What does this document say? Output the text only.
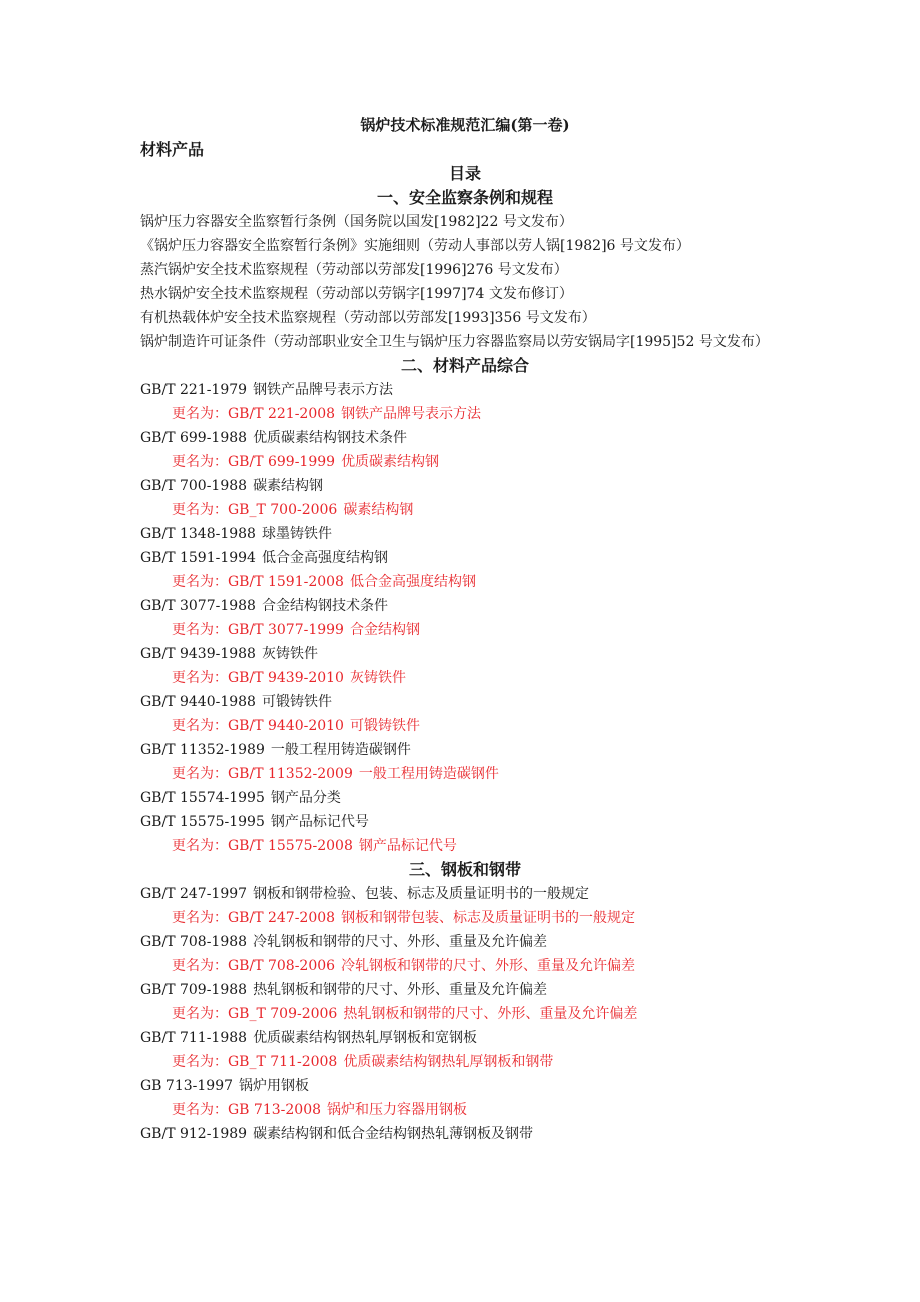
锅炉技术标准规范汇编(第一卷)
材料产品
目录
一、安全监察条例和规程
锅炉压力容器安全监察暂行条例（国务院以国发[1982]22 号文发布）
《锅炉压力容器安全监察暂行条例》实施细则（劳动人事部以劳人锅[1982]6 号文发布）
蒸汽锅炉安全技术监察规程（劳动部以劳部发[1996]276 号文发布）
热水锅炉安全技术监察规程（劳动部以劳锅字[1997]74 文发布修订）
有机热载体炉安全技术监察规程（劳动部以劳部发[1993]356 号文发布）
锅炉制造许可证条件（劳动部职业安全卫生与锅炉压力容器监察局以劳安锅局字[1995]52 号文发布）
二、材料产品综合
GB/T 221-1979 钢铁产品牌号表示方法
更名为：GB/T 221-2008 钢铁产品牌号表示方法
GB/T 699-1988 优质碳素结构钢技术条件
更名为：GB/T 699-1999 优质碳素结构钢
GB/T 700-1988 碳素结构钢
更名为：GB_T 700-2006 碳素结构钢
GB/T 1348-1988 球墨铸铁件
GB/T 1591-1994 低合金高强度结构钢
更名为：GB/T 1591-2008 低合金高强度结构钢
GB/T 3077-1988 合金结构钢技术条件
更名为：GB/T 3077-1999 合金结构钢
GB/T 9439-1988 灰铸铁件
更名为：GB/T 9439-2010 灰铸铁件
GB/T 9440-1988 可锻铸铁件
更名为：GB/T 9440-2010 可锻铸铁件
GB/T 11352-1989 一般工程用铸造碳钢件
更名为：GB/T 11352-2009 一般工程用铸造碳钢件
GB/T 15574-1995 钢产品分类
GB/T 15575-1995 钢产品标记代号
更名为：GB/T 15575-2008 钢产品标记代号
三、钢板和钢带
GB/T 247-1997 钢板和钢带检验、包装、标志及质量证明书的一般规定
更名为：GB/T 247-2008 钢板和钢带包装、标志及质量证明书的一般规定
GB/T 708-1988 冷轧钢板和钢带的尺寸、外形、重量及允许偏差
更名为：GB/T 708-2006 冷轧钢板和钢带的尺寸、外形、重量及允许偏差
GB/T 709-1988 热轧钢板和钢带的尺寸、外形、重量及允许偏差
更名为：GB_T 709-2006 热轧钢板和钢带的尺寸、外形、重量及允许偏差
GB/T 711-1988 优质碳素结构钢热轧厚钢板和宽钢板
更名为：GB_T 711-2008 优质碳素结构钢热轧厚钢板和钢带
GB 713-1997 锅炉用钢板
更名为：GB 713-2008 锅炉和压力容器用钢板
GB/T 912-1989 碳素结构钢和低合金结构钢热轧薄钢板及钢带
